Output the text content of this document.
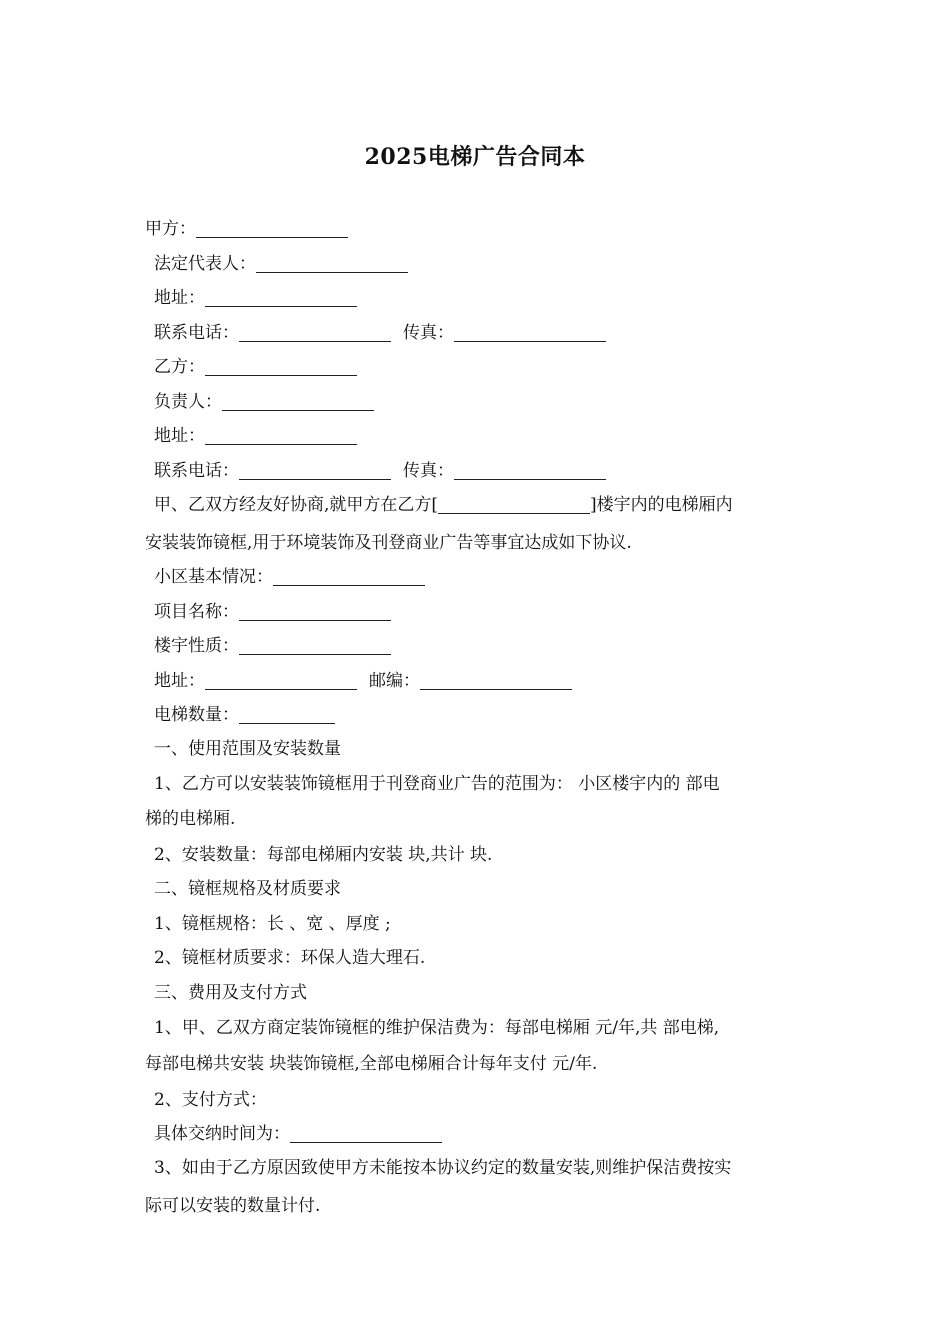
2025电梯广告合同本
甲方：
法定代表人：
地址：
联系电话：	传真：
乙方：
负责人：
地址：
联系电话：	传真：
甲、乙双方经友好协商,就甲方在乙方[	]楼宇内的电梯厢内
安装装饰镜框,用于环境装饰及刊登商业广告等事宜达成如下协议.
小区基本情况：
项目名称：
楼宇性质：
地址：	邮编：
电梯数量：
一、使用范围及安装数量
1、乙方可以安装装饰镜框用于刊登商业广告的范围为： 小区楼宇内的 部电
梯的电梯厢.
2、安装数量：每部电梯厢内安装 块,共计 块.
二、镜框规格及材质要求
1、镜框规格：长 、宽 、厚度 ;
2、镜框材质要求：环保人造大理石.
三、费用及支付方式
1、甲、乙双方商定装饰镜框的维护保洁费为：每部电梯厢 元/年,共 部电梯,
每部电梯共安装 块装饰镜框,全部电梯厢合计每年支付 元/年.
2、支付方式：
具体交纳时间为：
3、如由于乙方原因致使甲方未能按本协议约定的数量安装,则维护保洁费按实
际可以安装的数量计付.
